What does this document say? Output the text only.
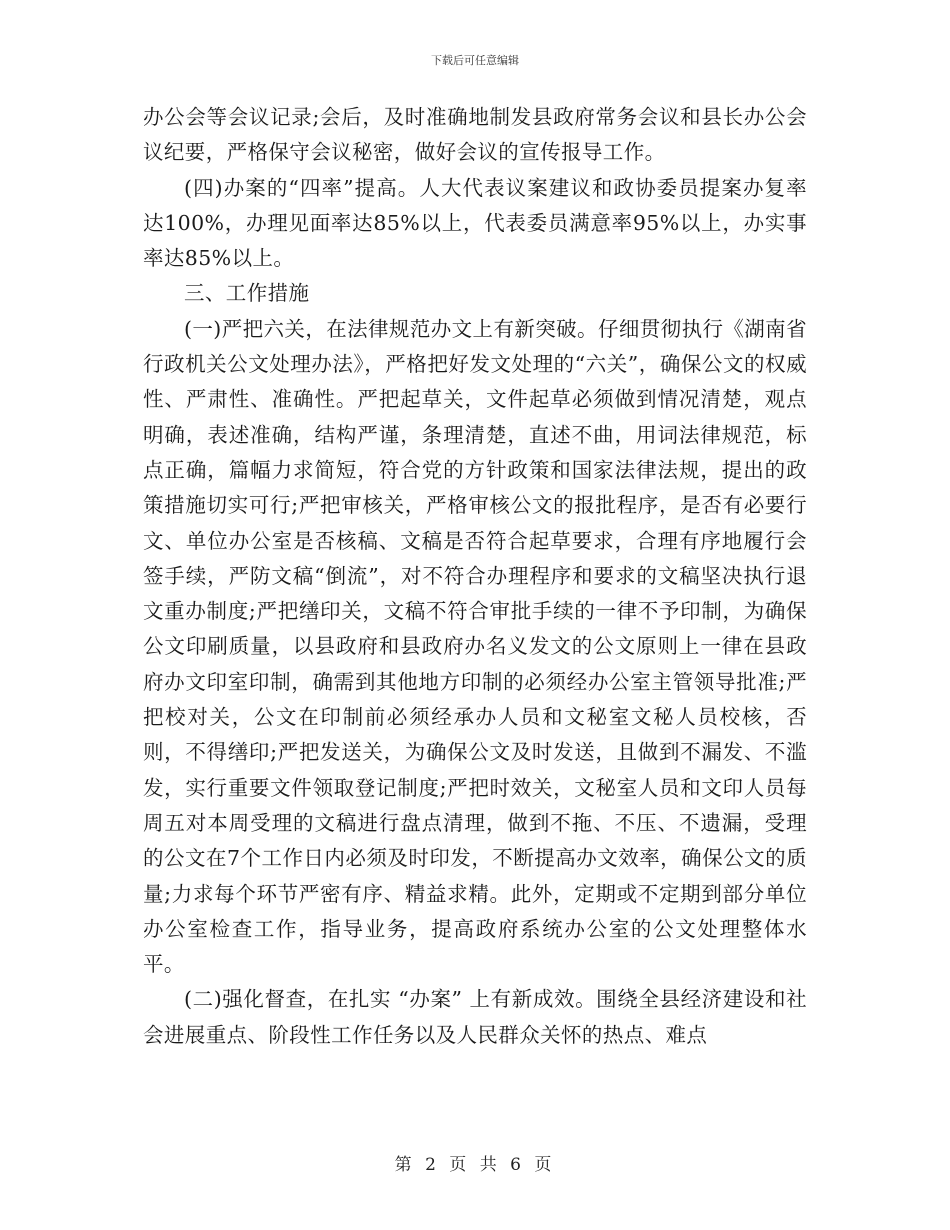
下载后可任意编辑

办公会等会议记录;会后，及时准确地制发县政府常务会议和县长办公会议纪要，严格保守会议秘密，做好会议的宣传报导工作。

(四)办案的“四率”提高。人大代表议案建议和政协委员提案办复率达100%，办理见面率达85%以上，代表委员满意率95%以上，办实事率达85%以上。

三、工作措施

(一)严把六关，在法律规范办文上有新突破。仔细贯彻执行《湖南省行政机关公文处理办法》，严格把好发文处理的“六关”，确保公文的权威性、严肃性、准确性。严把起草关，文件起草必须做到情况清楚，观点明确，表述准确，结构严谨，条理清楚，直述不曲，用词法律规范，标点正确，篇幅力求简短，符合党的方针政策和国家法律法规，提出的政策措施切实可行;严把审核关，严格审核公文的报批程序，是否有必要行文、单位办公室是否核稿、文稿是否符合起草要求，合理有序地履行会签手续，严防文稿“倒流”，对不符合办理程序和要求的文稿坚决执行退文重办制度;严把缮印关，文稿不符合审批手续的一律不予印制，为确保公文印刷质量，以县政府和县政府办名义发文的公文原则上一律在县政府办文印室印制，确需到其他地方印制的必须经办公室主管领导批准;严把校对关，公文在印制前必须经承办人员和文秘室文秘人员校核，否则，不得缮印;严把发送关，为确保公文及时发送，且做到不漏发、不滥发，实行重要文件领取登记制度;严把时效关，文秘室人员和文印人员每周五对本周受理的文稿进行盘点清理，做到不拖、不压、不遗漏，受理的公文在7个工作日内必须及时印发，不断提高办文效率，确保公文的质量;力求每个环节严密有序、精益求精。此外，定期或不定期到部分单位办公室检查工作，指导业务，提高政府系统办公室的公文处理整体水平。

(二)强化督查，在扎实 “办案” 上有新成效。围绕全县经济建设和社会进展重点、阶段性工作任务以及人民群众关怀的热点、难点

第 2 页 共 6 页
